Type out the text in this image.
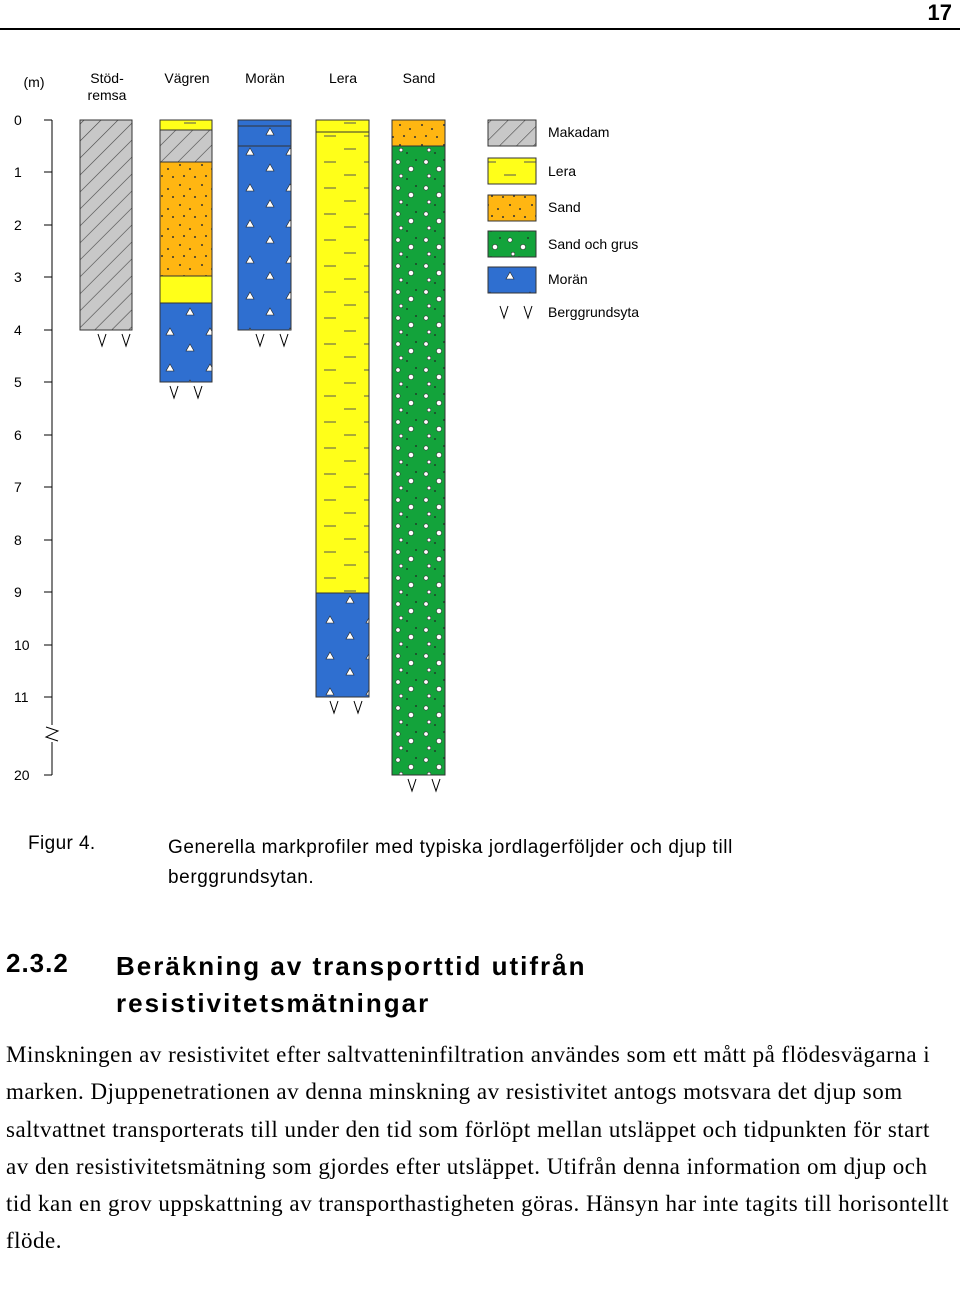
17
(m)	Stöd-
remsa
Vägren	Morän	Lera	Sand
0
1
2
3
4
5
6
7
8
9
10
11
20
Makadam
Lera
Sand
Sand och grus
Morän
Berggrundsyta
Figur 4.	Generella markprofiler med typiska jordlagerföljder och djup till berggrundsytan.
2.3.2 Beräkning av transporttid utifrån resistivitetsmätningar

Minskningen av resistivitet efter saltvatteninfiltration användes som ett mått på flödesvägarna i marken. Djuppenetrationen av denna minskning av resistivitet antogs motsvara det djup som saltvattnet transporterats till under den tid som förlöpt mellan utsläppet och tidpunkten för start av den resistivitetsmätning som gjordes efter utsläppet. Utifrån denna information om djup och tid kan en grov uppskattning av transporthastigheten göras. Hänsyn har inte tagits till horisontellt flöde.
